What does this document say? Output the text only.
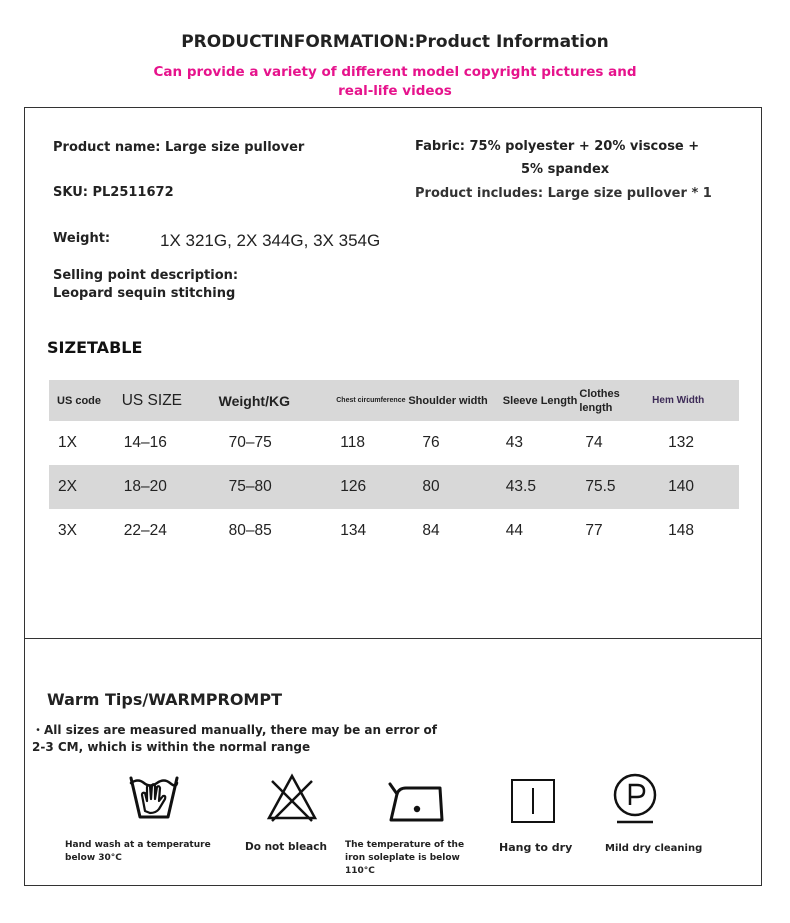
PRODUCTINFORMATION:Product Information
Can provide a variety of different model copyright pictures and real-life videos
Product name: Large size pullover
SKU: PL2511672
Weight:	1X 321G, 2X 344G, 3X 354G
Selling point description:
Leopard sequin stitching
Fabric: 75% polyester + 20% viscose +
5% spandex
Product includes: Large size pullover * 1
SIZETABLE
US code	US SIZE	Weight/KG	Chest circumference	Shoulder width	Sleeve Length	Clothes length	Hem Width
1X	14–16	70–75	118	76	43	74	132
2X	18–20	75–80	126	80	43.5	75.5	140
3X	22–24	80–85	134	84	44	77	148
Warm Tips/WARMPROMPT
・All sizes are measured manually, there may be an error of 2-3 CM, which is within the normal range
Hand wash at a temperature below 30°C
Do not bleach	The temperature of the iron soleplate is below 110°C
Hang to dry	Mild dry cleaning
